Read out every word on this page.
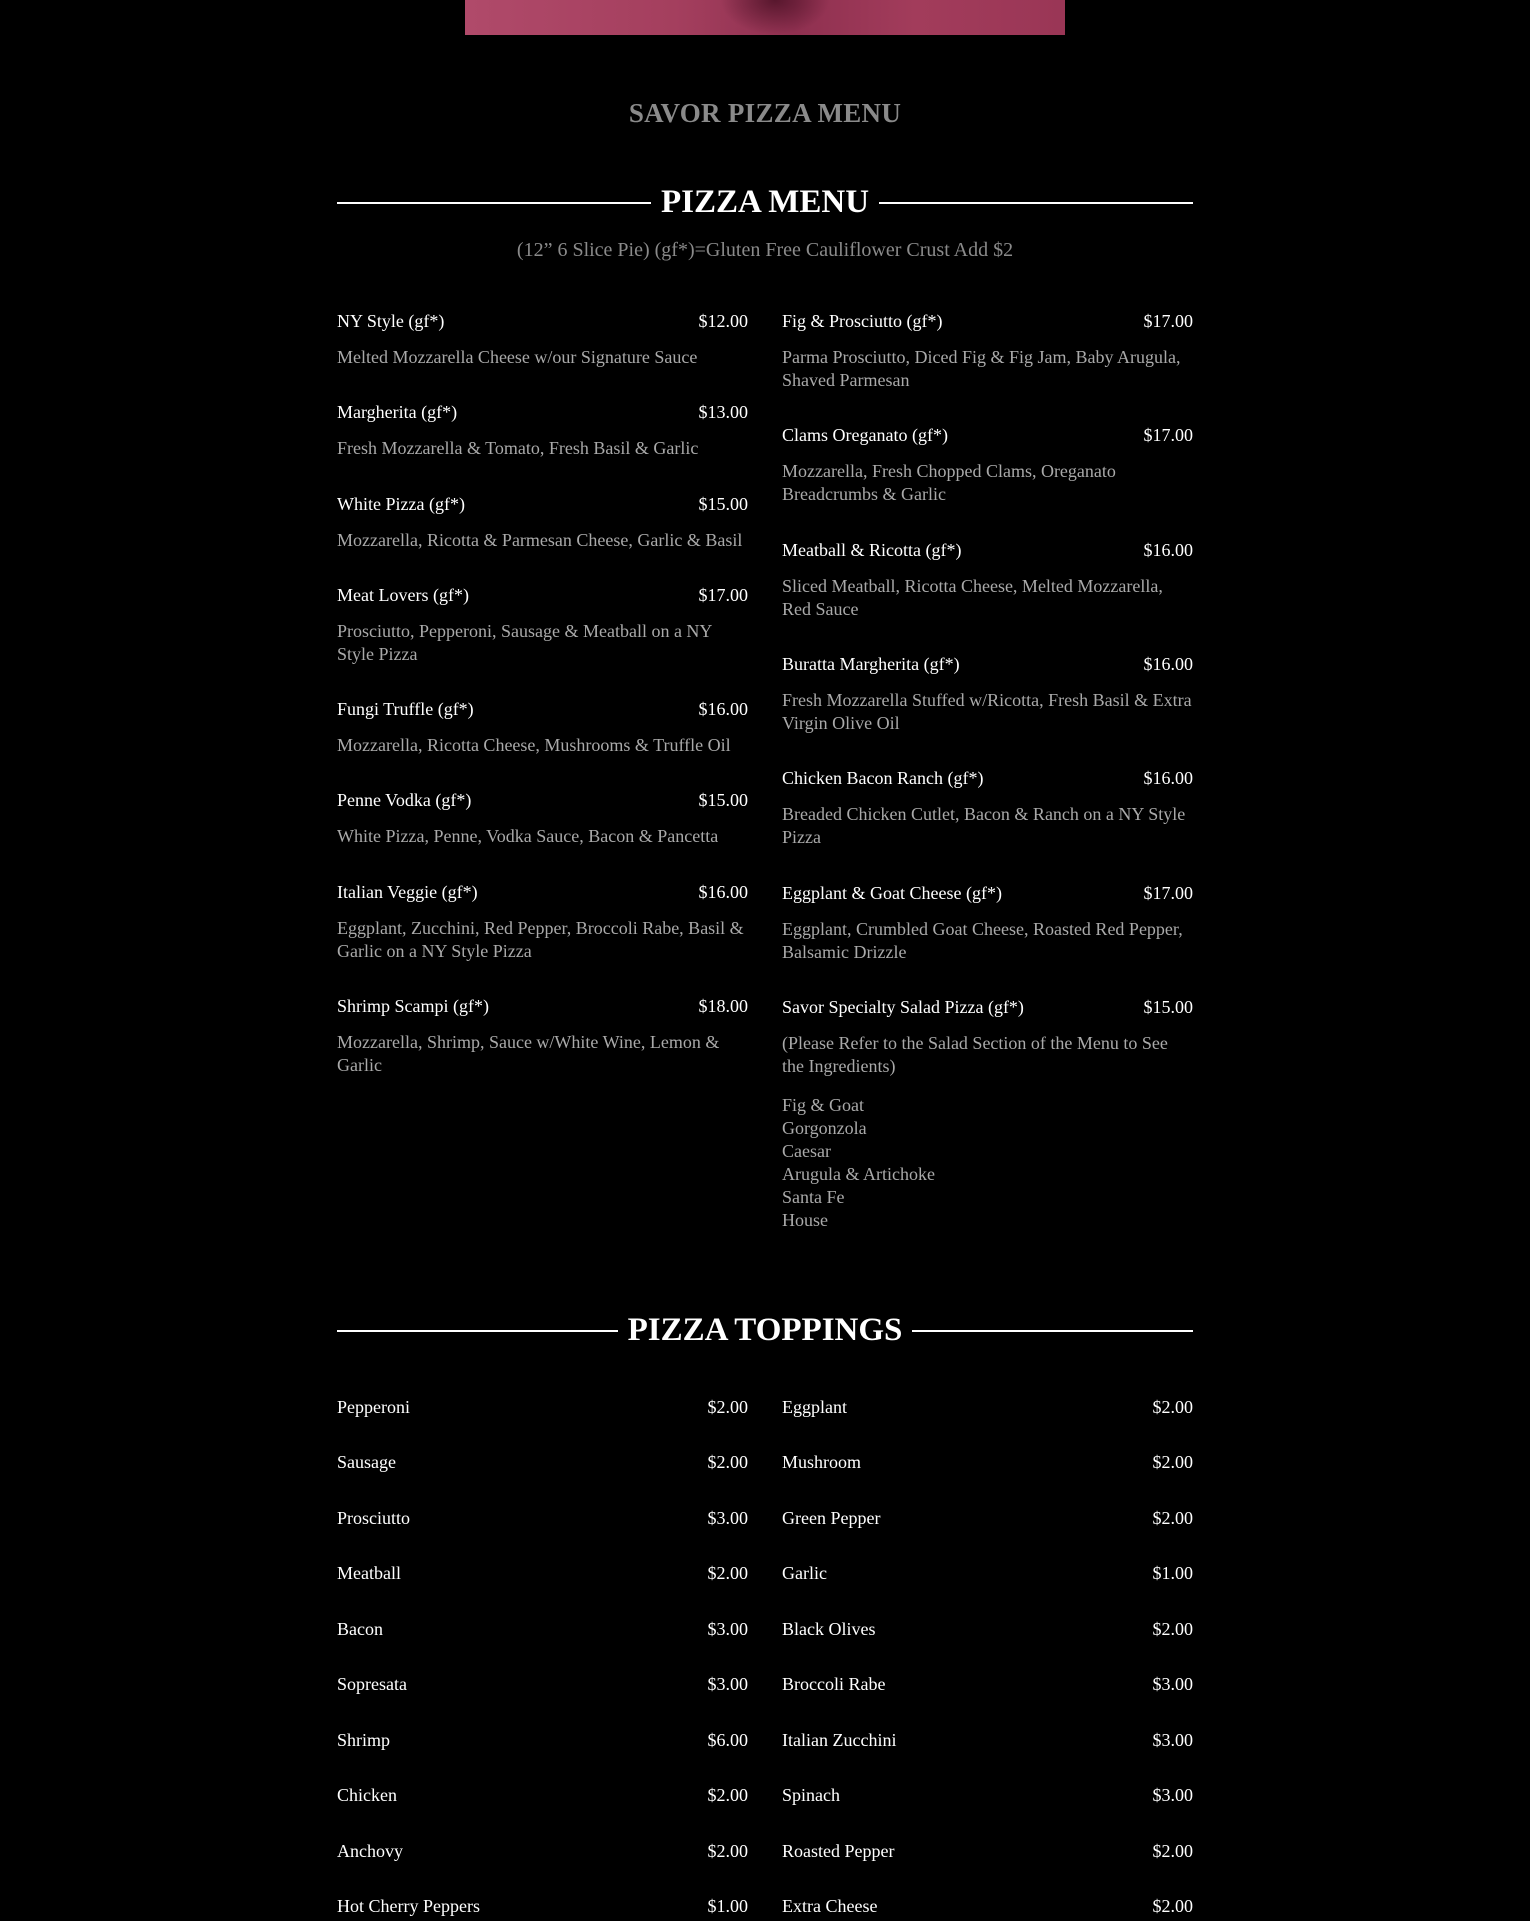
SAVOR PIZZA MENU
PIZZA MENU
(12” 6 Slice Pie) (gf*)=Gluten Free Cauliflower Crust Add $2
NY Style (gf*)	$12.00
Melted Mozzarella Cheese w/our Signature Sauce
Margherita (gf*)	$13.00
Fresh Mozzarella & Tomato, Fresh Basil & Garlic
White Pizza (gf*)	$15.00
Mozzarella, Ricotta & Parmesan Cheese, Garlic & Basil
Meat Lovers (gf*)	$17.00
Prosciutto, Pepperoni, Sausage & Meatball on a NY Style Pizza
Fungi Truffle (gf*)	$16.00
Mozzarella, Ricotta Cheese, Mushrooms & Truffle Oil
Penne Vodka (gf*)	$15.00
White Pizza, Penne, Vodka Sauce, Bacon & Pancetta
Italian Veggie (gf*)	$16.00
Eggplant, Zucchini, Red Pepper, Broccoli Rabe, Basil & Garlic on a NY Style Pizza
Shrimp Scampi (gf*)	$18.00
Mozzarella, Shrimp, Sauce w/White Wine, Lemon & Garlic
Fig & Prosciutto (gf*)	$17.00
Parma Prosciutto, Diced Fig & Fig Jam, Baby Arugula, Shaved Parmesan
Clams Oreganato (gf*)	$17.00
Mozzarella, Fresh Chopped Clams, Oreganato Breadcrumbs & Garlic
Meatball & Ricotta (gf*)	$16.00
Sliced Meatball, Ricotta Cheese, Melted Mozzarella, Red Sauce
Buratta Margherita (gf*)	$16.00
Fresh Mozzarella Stuffed w/Ricotta, Fresh Basil & Extra Virgin Olive Oil
Chicken Bacon Ranch (gf*)	$16.00
Breaded Chicken Cutlet, Bacon & Ranch on a NY Style Pizza
Eggplant & Goat Cheese (gf*)	$17.00
Eggplant, Crumbled Goat Cheese, Roasted Red Pepper, Balsamic Drizzle
Savor Specialty Salad Pizza (gf*)	$15.00
(Please Refer to the Salad Section of the Menu to See the Ingredients)
Fig & Goat
Gorgonzola
Caesar
Arugula & Artichoke
Santa Fe
House
PIZZA TOPPINGS
Pepperoni	$2.00
Sausage	$2.00
Prosciutto	$3.00
Meatball	$2.00
Bacon	$3.00
Sopresata	$3.00
Shrimp	$6.00
Chicken	$2.00
Anchovy	$2.00
Hot Cherry Peppers	$1.00
Eggplant	$2.00
Mushroom	$2.00
Green Pepper	$2.00
Garlic	$1.00
Black Olives	$2.00
Broccoli Rabe	$3.00
Italian Zucchini	$3.00
Spinach	$3.00
Roasted Pepper	$2.00
Extra Cheese	$2.00
